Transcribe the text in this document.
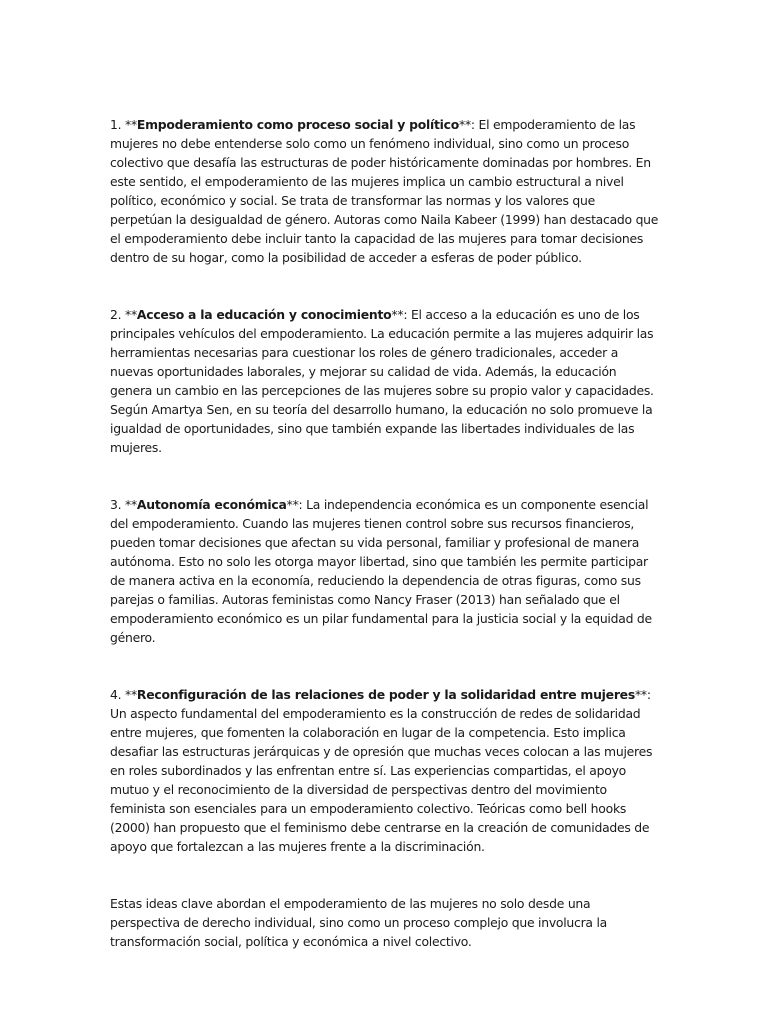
1. **Empoderamiento como proceso social y político**: El empoderamiento de las mujeres no debe entenderse solo como un fenómeno individual, sino como un proceso colectivo que desafía las estructuras de poder históricamente dominadas por hombres. En este sentido, el empoderamiento de las mujeres implica un cambio estructural a nivel político, económico y social. Se trata de transformar las normas y los valores que perpetúan la desigualdad de género. Autoras como Naila Kabeer (1999) han destacado que el empoderamiento debe incluir tanto la capacidad de las mujeres para tomar decisiones dentro de su hogar, como la posibilidad de acceder a esferas de poder público.

2. **Acceso a la educación y conocimiento**: El acceso a la educación es uno de los principales vehículos del empoderamiento. La educación permite a las mujeres adquirir las herramientas necesarias para cuestionar los roles de género tradicionales, acceder a nuevas oportunidades laborales, y mejorar su calidad de vida. Además, la educación genera un cambio en las percepciones de las mujeres sobre su propio valor y capacidades. Según Amartya Sen, en su teoría del desarrollo humano, la educación no solo promueve la igualdad de oportunidades, sino que también expande las libertades individuales de las mujeres.

3. **Autonomía económica**: La independencia económica es un componente esencial del empoderamiento. Cuando las mujeres tienen control sobre sus recursos financieros, pueden tomar decisiones que afectan su vida personal, familiar y profesional de manera autónoma. Esto no solo les otorga mayor libertad, sino que también les permite participar de manera activa en la economía, reduciendo la dependencia de otras figuras, como sus parejas o familias. Autoras feministas como Nancy Fraser (2013) han señalado que el empoderamiento económico es un pilar fundamental para la justicia social y la equidad de género.

4. **Reconfiguración de las relaciones de poder y la solidaridad entre mujeres**: Un aspecto fundamental del empoderamiento es la construcción de redes de solidaridad entre mujeres, que fomenten la colaboración en lugar de la competencia. Esto implica desafiar las estructuras jerárquicas y de opresión que muchas veces colocan a las mujeres en roles subordinados y las enfrentan entre sí. Las experiencias compartidas, el apoyo mutuo y el reconocimiento de la diversidad de perspectivas dentro del movimiento feminista son esenciales para un empoderamiento colectivo. Teóricas como bell hooks (2000) han propuesto que el feminismo debe centrarse en la creación de comunidades de apoyo que fortalezcan a las mujeres frente a la discriminación.

Estas ideas clave abordan el empoderamiento de las mujeres no solo desde una perspectiva de derecho individual, sino como un proceso complejo que involucra la transformación social, política y económica a nivel colectivo.
